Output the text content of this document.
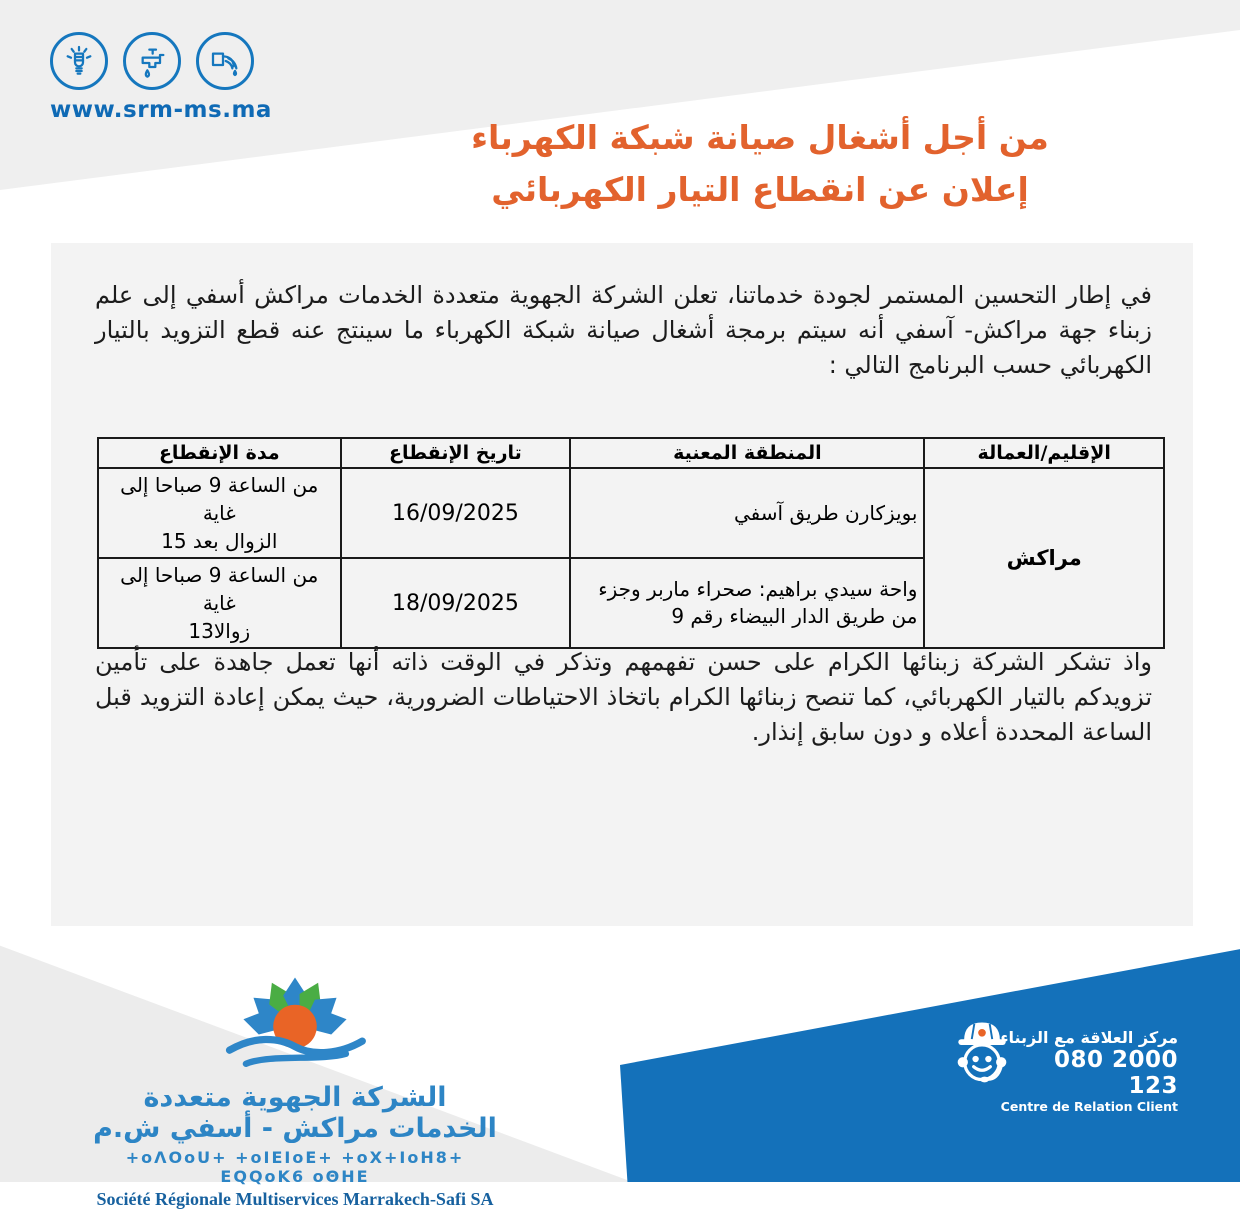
www.srm-ms.ma
من أجل أشغال صيانة شبكة الكهرباء
إعلان عن انقطاع التيار الكهربائي
في إطار التحسين المستمر لجودة خدماتنا، تعلن الشركة الجهوية متعددة الخدمات مراكش أسفي إلى علم زبناء جهة مراكش- آسفي أنه سيتم برمجة أشغال صيانة شبكة الكهرباء ما سينتج عنه قطع التزويد بالتيار الكهربائي حسب البرنامج التالي :
الإقليم/العمالة	المنطقة المعنية	تاريخ الإنقطاع	مدة الإنقطاع
مراكش	بويزكارن طريق آسفي	16/09/2025	من الساعة 9 صباحا إلى غاية
15 بعد‎ الزوال

	واحة سيدي براهيم: صحراء ماربر وجزء من طريق الدار البيضاء رقم 9	18/09/2025	من الساعة 9 صباحا إلى غاية
13زوالا
واذ تشكر الشركة زبنائها الكرام على حسن تفهمهم وتذكر في الوقت ذاته أنها تعمل جاهدة على تأمين تزويدكم بالتيار الكهربائي، كما تنصح زبنائها الكرام باتخاذ الاحتياطات الضرورية، حيث يمكن إعادة التزويد قبل الساعة المحددة أعلاه و دون سابق إنذار.
الشركة الجهوية متعددة الخدمات مراكش - أسفي ش.م
+oΛOoU+ +oIEIoE+ +oX+IoH8+ EQQoK6 oΘHE
Société Régionale Multiservices Marrakech-Safi SA
مركز العلاقة مع الزبناء
080 2000 123
Centre de Relation Client
